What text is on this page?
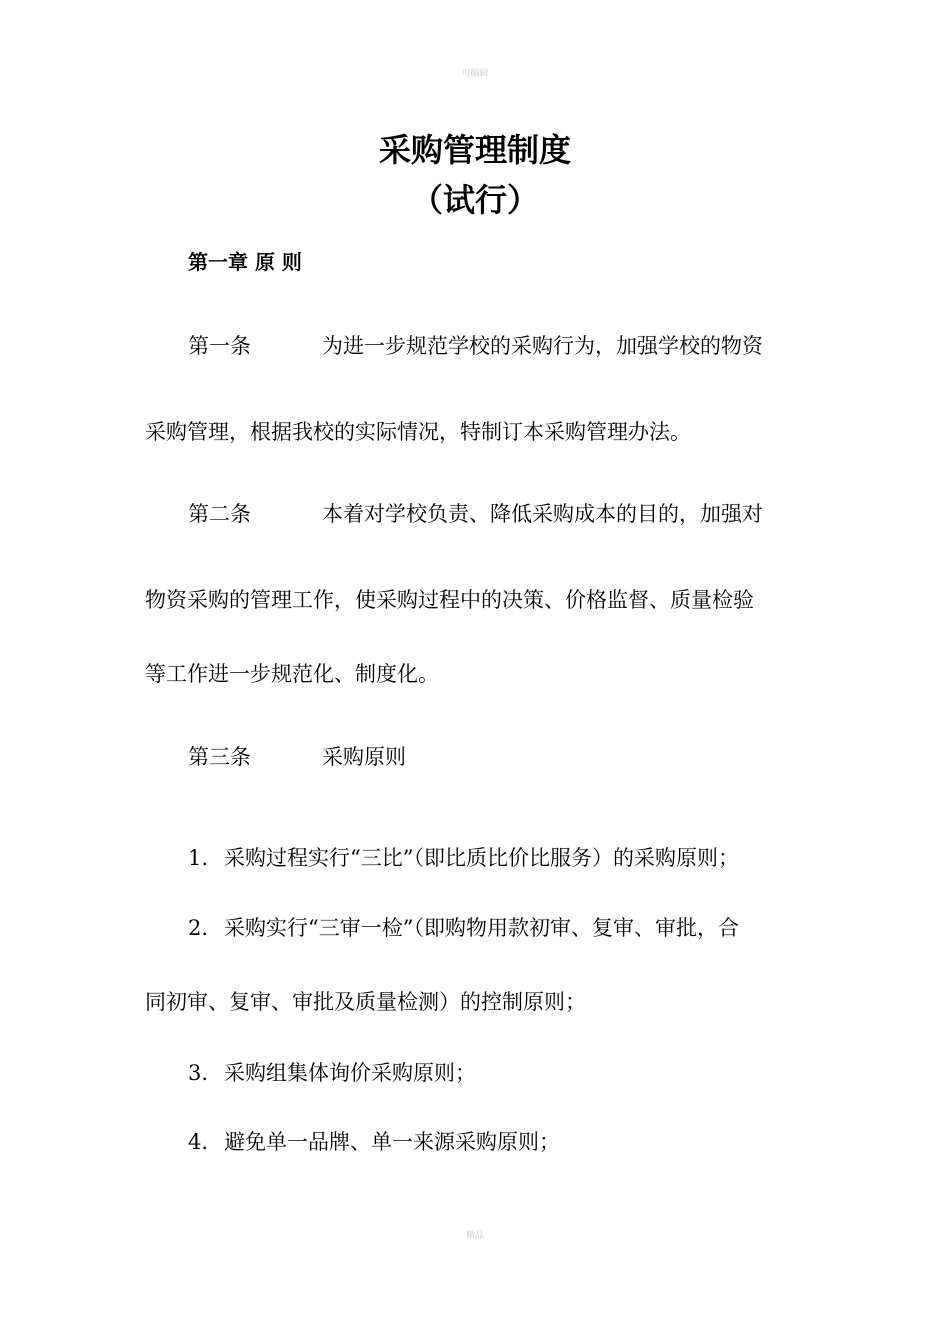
可编辑
采购管理制度
（试行）
第一章 原 则
第一条	为进一步规范学校的采购行为，加强学校的物资
采购管理，根据我校的实际情况，特制订本采购管理办法。
第二条	本着对学校负责、降低采购成本的目的，加强对
物资采购的管理工作，使采购过程中的决策、价格监督、质量检验
等工作进一步规范化、制度化。
第三条	采购原则
1. 采购过程实行“三比”（即比质比价比服务）的采购原则；
2. 采购实行“三审一检”（即购物用款初审、复审、审批，合
同初审、复审、审批及质量检测）的控制原则；
3. 采购组集体询价采购原则；
4. 避免单一品牌、单一来源采购原则；
精品
